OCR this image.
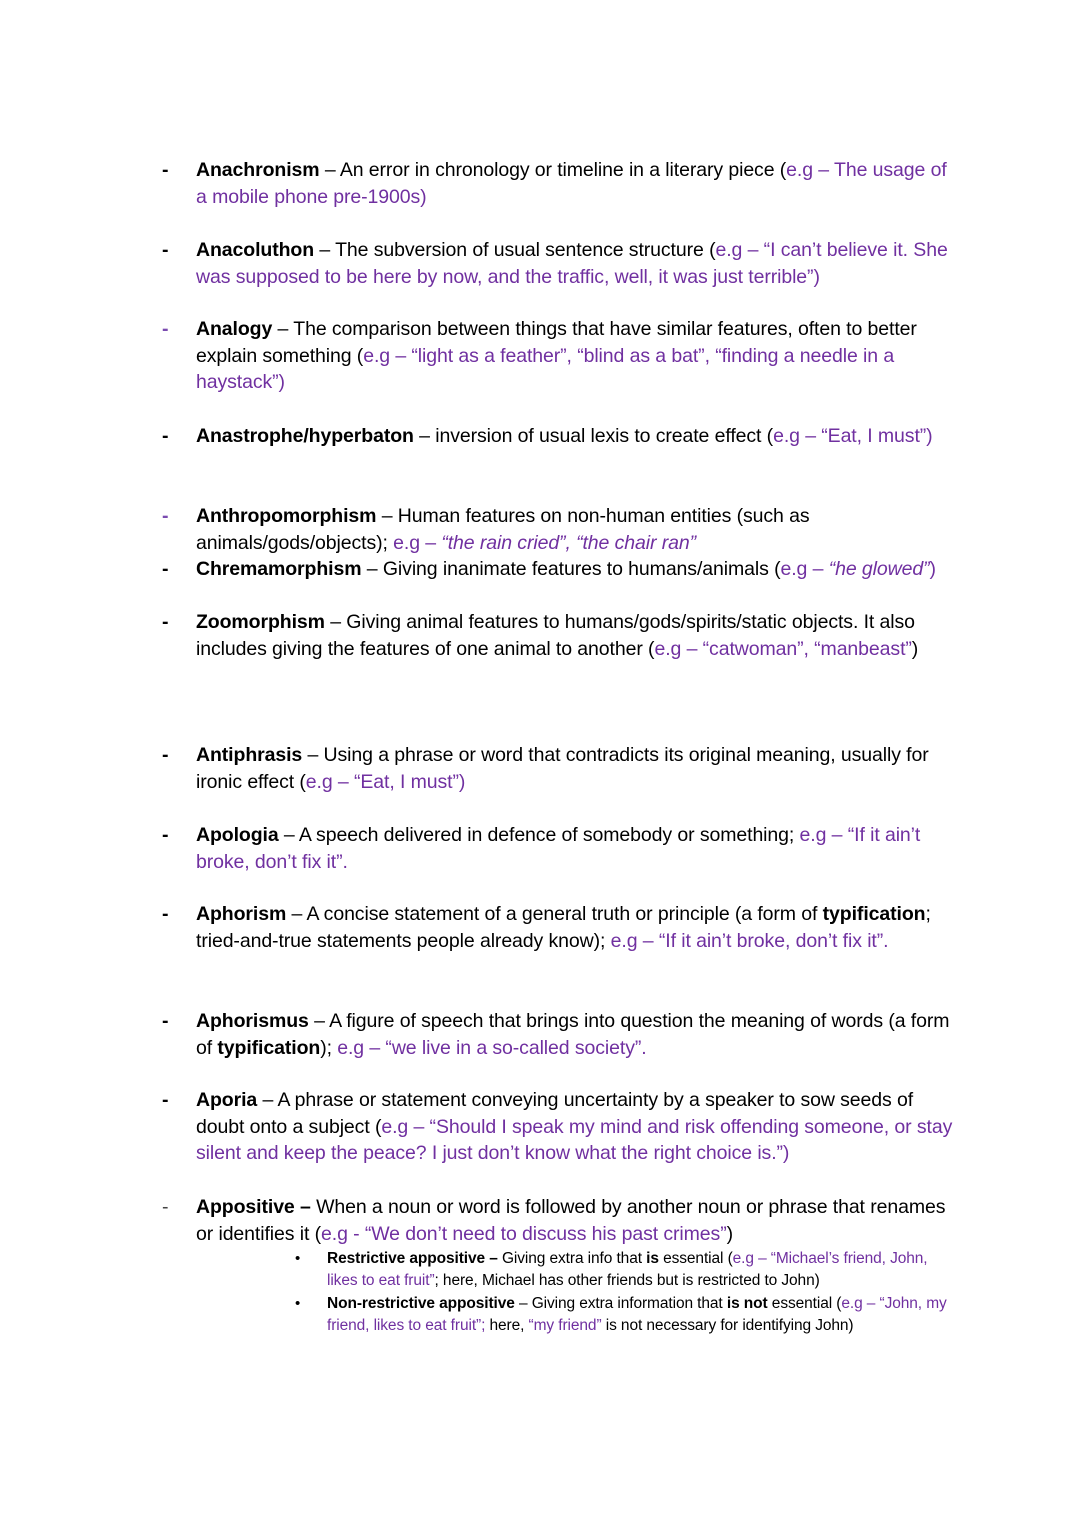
- Anachronism – An error in chronology or timeline in a literary piece (e.g – The usage of a mobile phone pre-1900s)
- Anacoluthon – The subversion of usual sentence structure (e.g – “I can’t believe it. She was supposed to be here by now, and the traffic, well, it was just terrible”)
- Analogy – The comparison between things that have similar features, often to better explain something (e.g – “light as a feather”, “blind as a bat”, “finding a needle in a haystack”)
- Anastrophe/hyperbaton – inversion of usual lexis to create effect (e.g – “Eat, I must”)
- Anthropomorphism – Human features on non-human entities (such as animals/gods/objects); e.g – “the rain cried”, “the chair ran”
- Chremamorphism – Giving inanimate features to humans/animals (e.g – “he glowed”)
- Zoomorphism – Giving animal features to humans/gods/spirits/static objects. It also includes giving the features of one animal to another (e.g – “catwoman”, “manbeast”)
- Antiphrasis – Using a phrase or word that contradicts its original meaning, usually for ironic effect (e.g – “Eat, I must”)
- Apologia – A speech delivered in defence of somebody or something; e.g – “If it ain’t broke, don’t fix it”.
- Aphorism – A concise statement of a general truth or principle (a form of typification; tried-and-true statements people already know); e.g – “If it ain’t broke, don’t fix it”.
- Aphorismus – A figure of speech that brings into question the meaning of words (a form of typification); e.g – “we live in a so-called society”.
- Aporia – A phrase or statement conveying uncertainty by a speaker to sow seeds of doubt onto a subject (e.g – “Should I speak my mind and risk offending someone, or stay silent and keep the peace? I just don’t know what the right choice is.”)
- Appositive – When a noun or word is followed by another noun or phrase that renames or identifies it (e.g - “We don’t need to discuss his past crimes”)
• Restrictive appositive – Giving extra info that is essential (e.g – “Michael’s friend, John, likes to eat fruit”; here, Michael has other friends but is restricted to John)
• Non-restrictive appositive – Giving extra information that is not essential (e.g – “John, my friend, likes to eat fruit”; here, “my friend” is not necessary for identifying John)
